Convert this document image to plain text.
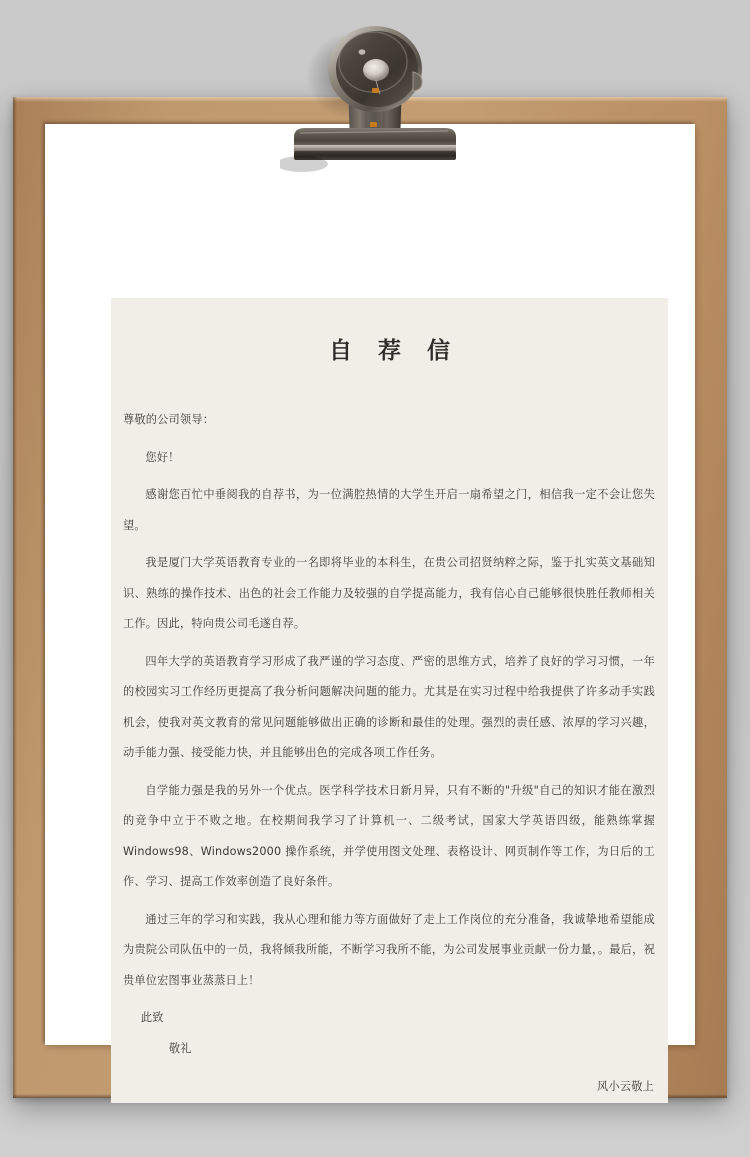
自 荐 信

尊敬的公司领导：

您好！

感谢您百忙中垂阅我的自荐书，为一位满腔热情的大学生开启一扇希望之门，相信我一定不会让您失望。

我是厦门大学英语教育专业的一名即将毕业的本科生，在贵公司招贤纳粹之际，鉴于扎实英文基础知识、熟练的操作技术、出色的社会工作能力及较强的自学提高能力，我有信心自己能够很快胜任教师相关工作。因此，特向贵公司毛遂自荐。

四年大学的英语教育学习形成了我严谨的学习态度、严密的思维方式，培养了良好的学习习惯，一年的校园实习工作经历更提高了我分析问题解决问题的能力。尤其是在实习过程中给我提供了许多动手实践机会，使我对英文教育的常见问题能够做出正确的诊断和最佳的处理。强烈的责任感、浓厚的学习兴趣，动手能力强、接受能力快，并且能够出色的完成各项工作任务。

自学能力强是我的另外一个优点。医学科学技术日新月异，只有不断的"升级"自己的知识才能在激烈的竞争中立于不败之地。在校期间我学习了计算机一、二级考试，国家大学英语四级，能熟练掌握 Windows98、Windows2000 操作系统，并学使用图文处理、表格设计、网页制作等工作，为日后的工作、学习、提高工作效率创造了良好条件。

通过三年的学习和实践，我从心理和能力等方面做好了走上工作岗位的充分准备，我诚挚地希望能成为贵院公司队伍中的一员，我将倾我所能，不断学习我所不能，为公司发展事业贡献一份力量，。最后，祝贵单位宏图事业蒸蒸日上！

此致

敬礼

风小云敬上
